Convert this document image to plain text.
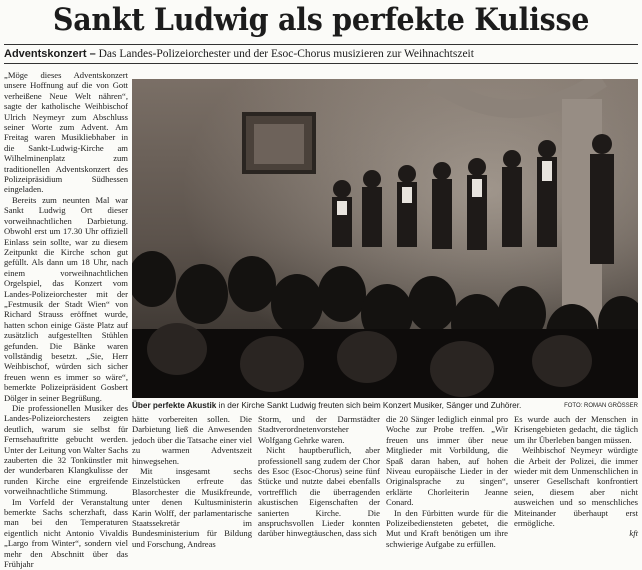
Sankt Ludwig als perfekte Kulisse
Adventskonzert – Das Landes-Polizeiorchester und der Esoc-Chorus musizieren zur Weihnachtszeit

„Möge dieses Adventskonzert unsere Hoffnung auf die von Gott verheißene Neue Welt nähren“, sagte der katholische Weihbischof Ulrich Neymeyr zum Abschluss seiner Worte zum Advent. Am Freitag waren Musikliebhaber in die Sankt-Ludwig-Kirche am Wilhelminenplatz zum traditionellen Adventskonzert des Polizeipräsidium Südhessen eingeladen.

Bereits zum neunten Mal war Sankt Ludwig Ort dieser vorweihnachtlichen Darbietung. Obwohl erst um 17.30 Uhr offiziell Einlass sein sollte, war zu diesem Zeitpunkt die Kirche schon gut gefüllt. Als dann um 18 Uhr, nach einem vorweihnachtlichen Orgelspiel, das Konzert vom Landes-Polizeiorchester mit der „Festmusik der Stadt Wien“ von Richard Strauss eröffnet wurde, hatten schon einige Gäste Platz auf zusätzlich aufgestellten Stühlen gefunden. Die Bänke waren vollständig besetzt. „Sie, Herr Weihbischof, würden sich sicher freuen wenn es immer so wäre“, bemerkte Polizeipräsident Gosbert Dölger in seiner Begrüßung.

Die professionellen Musiker des Landes-Polizeiorchesters zeigten deutlich, warum sie selbst für Fernsehauftritte gebucht werden. Unter der Leitung von Walter Sachs zauberten die 32 Tonkünstler mit der wunderbaren Klangkulisse der runden Kirche eine ergreifende vorweihnachtliche Stimmung.

Im Vorfeld der Veranstaltung bemerkte Sachs scherzhaft, dass man bei den Temperaturen eigentlich nicht Antonio Vivaldis „Largo from Winter“, sondern viel mehr den Abschnitt über das Frühjahr

Über perfekte Akustik in der Kirche Sankt Ludwig freuten sich beim Konzert Musiker, Sänger und Zuhörer.	FOTO: ROMAN GRÖSSER

hätte vorbereiten sollen. Die Darbietung ließ die Anwesenden jedoch über die Tatsache einer viel zu warmen Adventszeit hinwegsehen.

Mit insgesamt sechs Einzelstücken erfreute das Blasorchester die Musikfreunde, unter denen Kultusministerin Karin Wolff, der parlamentarische Staatssekretär im Bundesministerium für Bildung und Forschung, Andreas

Storm, und der Darmstädter Stadtverordnetenvorsteher Wolfgang Gehrke waren.

Nicht hauptberuflich, aber professionell sang zudem der Chor des Esoc (Esoc-Chorus) seine fünf Stücke und nutzte dabei ebenfalls vortrefflich die überragenden akustischen Eigenschaften der sanierten Kirche. Die anspruchsvollen Lieder konnten darüber hinwegtäuschen, dass sich

die 20 Sänger lediglich einmal pro Woche zur Probe treffen. „Wir freuen uns immer über neue Mitglieder mit Vorbildung, die Spaß daran haben, auf hohen Niveau europäische Lieder in der Originalsprache zu singen“, erklärte Chorleiterin Jeanne Conard.

In den Fürbitten wurde für die Polizeibediensteten gebetet, die Mut und Kraft benötigen um ihre schwierige Aufgabe zu erfüllen.

Es wurde auch der Menschen in Krisengebieten gedacht, die täglich um ihr Überleben bangen müssen.

Weihbischof Neymeyr würdigte die Arbeit der Polizei, die immer wieder mit dem Unmenschlichen in unserer Gesellschaft konfrontiert seien, diesem aber nicht ausweichen und so menschliches Miteinander überhaupt erst ermögliche.

kft
